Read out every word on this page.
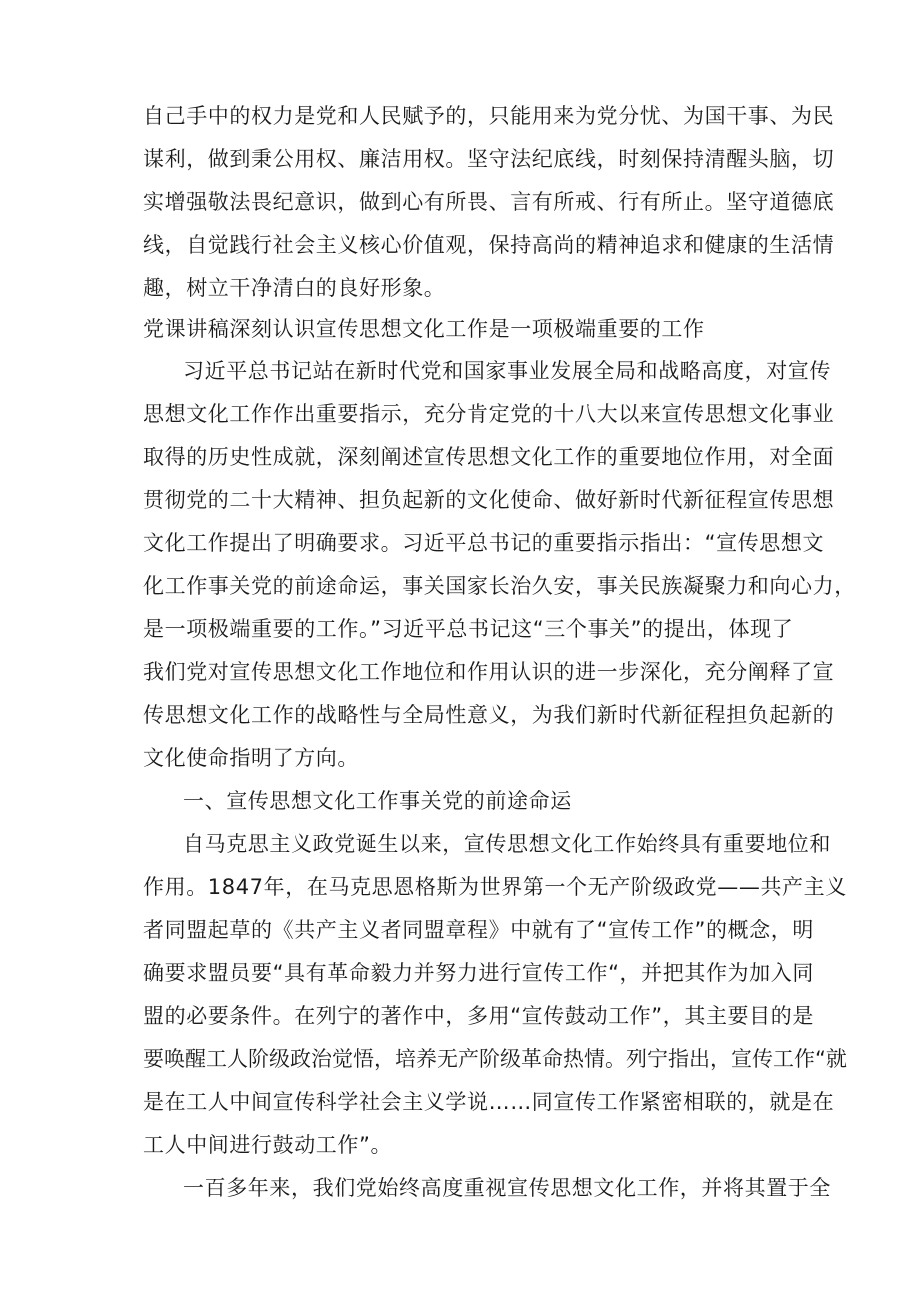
自己手中的权力是党和人民赋予的，只能用来为党分忧、为国干事、为民
谋利，做到秉公用权、廉洁用权。坚守法纪底线，时刻保持清醒头脑，切
实增强敬法畏纪意识，做到心有所畏、言有所戒、行有所止。坚守道德底
线，自觉践行社会主义核心价值观，保持高尚的精神追求和健康的生活情
趣，树立干净清白的良好形象。
党课讲稿深刻认识宣传思想文化工作是一项极端重要的工作
习近平总书记站在新时代党和国家事业发展全局和战略高度，对宣传
思想文化工作作出重要指示，充分肯定党的十八大以来宣传思想文化事业
取得的历史性成就，深刻阐述宣传思想文化工作的重要地位作用，对全面
贯彻党的二十大精神、担负起新的文化使命、做好新时代新征程宣传思想
文化工作提出了明确要求。习近平总书记的重要指示指出：“宣传思想文
化工作事关党的前途命运，事关国家长治久安，事关民族凝聚力和向心力，
是一项极端重要的工作。”习近平总书记这“三个事关”的提出，体现了
我们党对宣传思想文化工作地位和作用认识的进一步深化，充分阐释了宣
传思想文化工作的战略性与全局性意义，为我们新时代新征程担负起新的
文化使命指明了方向。
一、宣传思想文化工作事关党的前途命运
自马克思主义政党诞生以来，宣传思想文化工作始终具有重要地位和
作用。1847年，在马克思恩格斯为世界第一个无产阶级政党——共产主义
者同盟起草的《共产主义者同盟章程》中就有了“宣传工作”的概念，明
确要求盟员要“具有革命毅力并努力进行宣传工作“，并把其作为加入同
盟的必要条件。在列宁的著作中，多用“宣传鼓动工作”，其主要目的是
要唤醒工人阶级政治觉悟，培养无产阶级革命热情。列宁指出，宣传工作“就
是在工人中间宣传科学社会主义学说……同宣传工作紧密相联的，就是在
工人中间进行鼓动工作”。
一百多年来，我们党始终高度重视宣传思想文化工作，并将其置于全
